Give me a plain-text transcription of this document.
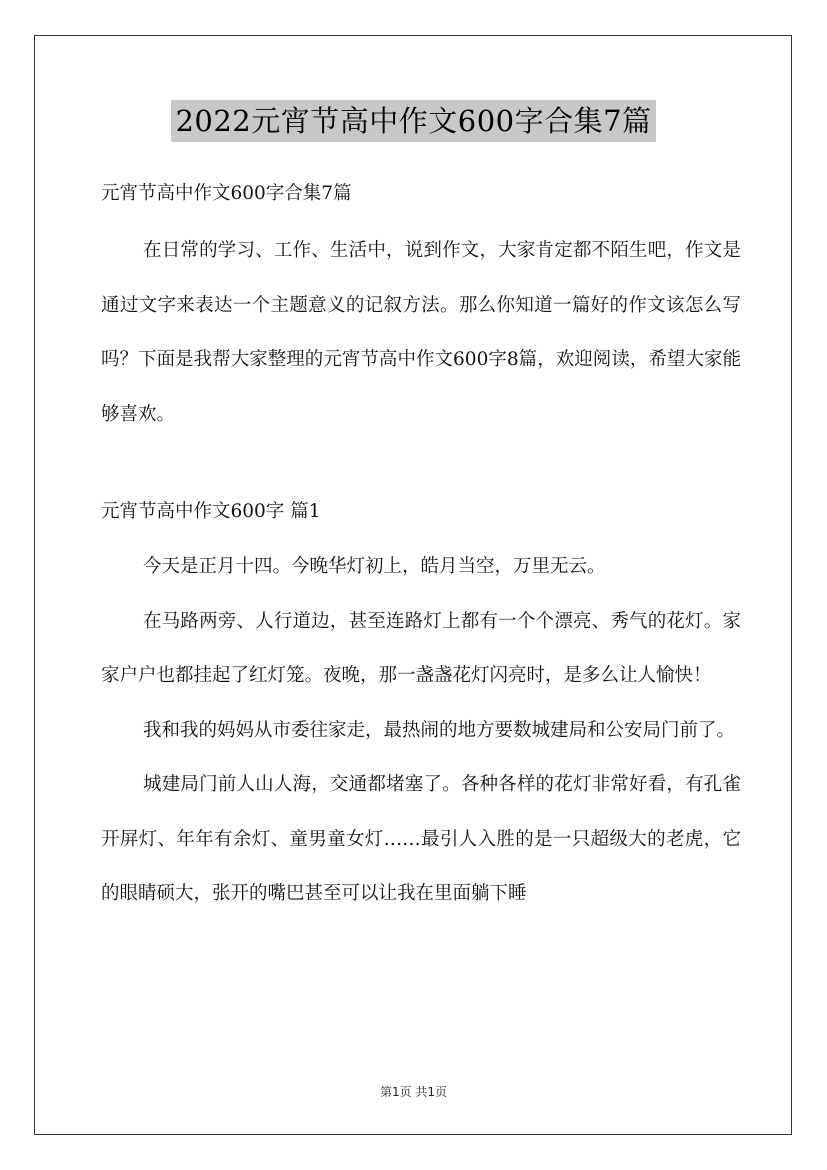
2022元宵节高中作文600字合集7篇

元宵节高中作文600字合集7篇

在日常的学习、工作、生活中，说到作文，大家肯定都不陌生吧，作文是通过文字来表达一个主题意义的记叙方法。那么你知道一篇好的作文该怎么写吗？下面是我帮大家整理的元宵节高中作文600字8篇，欢迎阅读，希望大家能够喜欢。

元宵节高中作文600字 篇1

今天是正月十四。今晚华灯初上，皓月当空，万里无云。

在马路两旁、人行道边，甚至连路灯上都有一个个漂亮、秀气的花灯。家家户户也都挂起了红灯笼。夜晚，那一盏盏花灯闪亮时，是多么让人愉快！

我和我的妈妈从市委往家走，最热闹的地方要数城建局和公安局门前了。

城建局门前人山人海，交通都堵塞了。各种各样的花灯非常好看，有孔雀开屏灯、年年有余灯、童男童女灯……最引人入胜的是一只超级大的老虎，它的眼睛硕大，张开的嘴巴甚至可以让我在里面躺下睡

第1页 共1页
